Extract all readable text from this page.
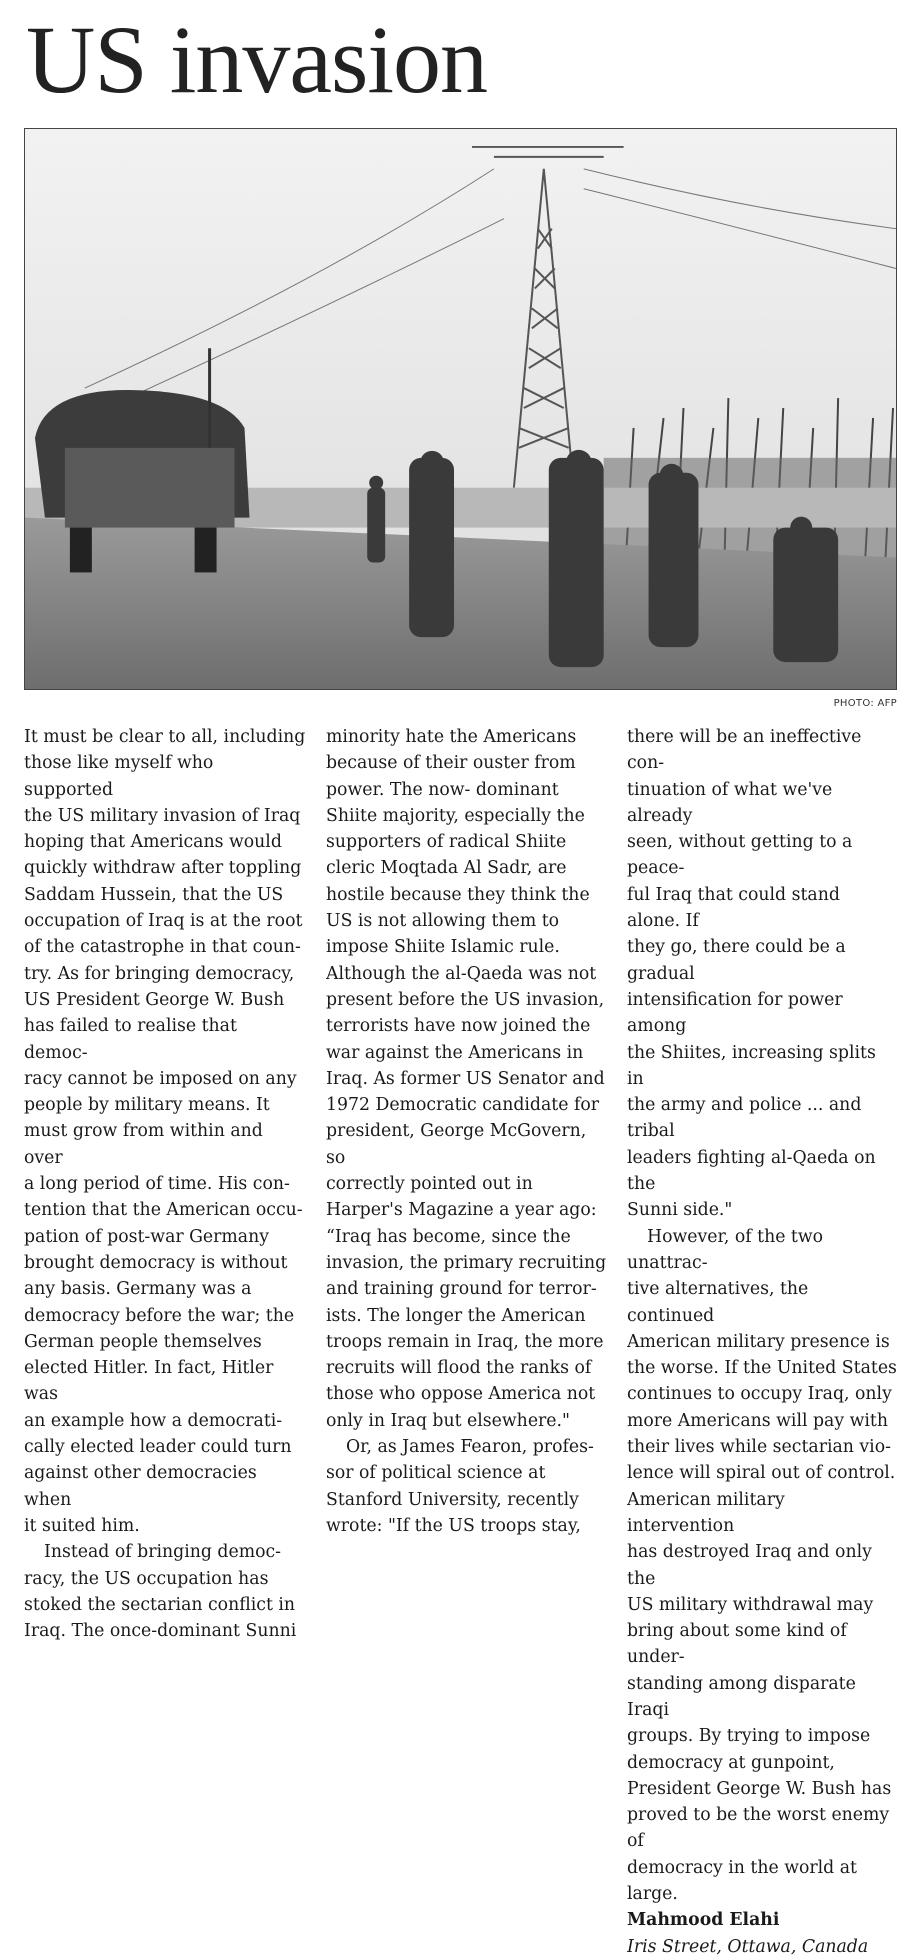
US invasion
PHOTO: AFP

It must be clear to all, including
those like myself who supported
the US military invasion of Iraq
hoping that Americans would
quickly withdraw after toppling
Saddam Hussein, that the US
occupation of Iraq is at the root
of the catastrophe in that coun-
try. As for bringing democracy,
US President George W. Bush
has failed to realise that democ-
racy cannot be imposed on any
people by military means. It
must grow from within and over
a long period of time. His con-
tention that the American occu-
pation of post-war Germany
brought democracy is without
any basis. Germany was a
democracy before the war; the
German people themselves
elected Hitler. In fact, Hitler was
an example how a democrati-
cally elected leader could turn
against other democracies when
it suited him.

Instead of bringing democ-
racy, the US occupation has
stoked the sectarian conflict in
Iraq. The once-dominant Sunni

minority hate the Americans
because of their ouster from
power. The now- dominant
Shiite majority, especially the
supporters of radical Shiite
cleric Moqtada Al Sadr, are
hostile because they think the
US is not allowing them to
impose Shiite Islamic rule.
Although the al-Qaeda was not
present before the US invasion,
terrorists have now joined the
war against the Americans in
Iraq. As former US Senator and
1972 Democratic candidate for
president, George McGovern, so
correctly pointed out in
Harper's Magazine a year ago:
“Iraq has become, since the
invasion, the primary recruiting
and training ground for terror-
ists. The longer the American
troops remain in Iraq, the more
recruits will flood the ranks of
those who oppose America not
only in Iraq but elsewhere."

Or, as James Fearon, profes-
sor of political science at
Stanford University, recently
wrote: "If the US troops stay,

there will be an ineffective con-
tinuation of what we've already
seen, without getting to a peace-
ful Iraq that could stand alone. If
they go, there could be a gradual
intensification for power among
the Shiites, increasing splits in
the army and police ... and tribal
leaders fighting al-Qaeda on the
Sunni side."

However, of the two unattrac-
tive alternatives, the continued
American military presence is
the worse. If the United States
continues to occupy Iraq, only
more Americans will pay with
their lives while sectarian vio-
lence will spiral out of control.
American military intervention
has destroyed Iraq and only the
US military withdrawal may
bring about some kind of under-
standing among disparate Iraqi
groups. By trying to impose
democracy at gunpoint,
President George W. Bush has
proved to be the worst enemy of
democracy in the world at large.

Mahmood Elahi

Iris Street, Ottawa, Canada
